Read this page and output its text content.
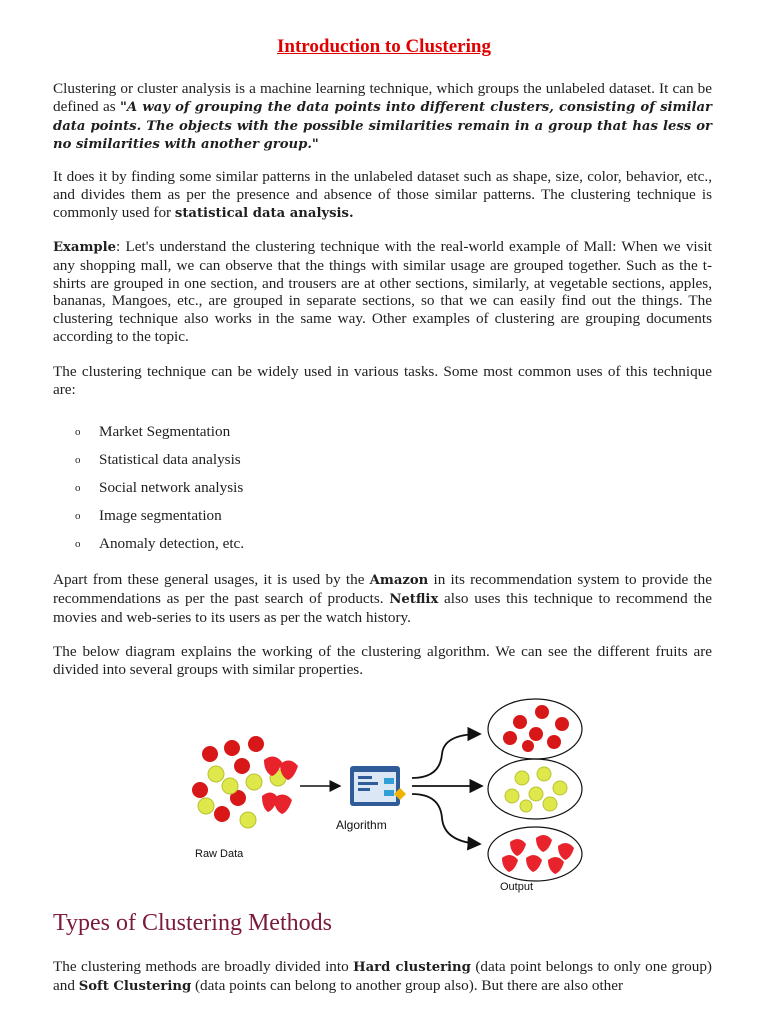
Introduction to Clustering

Clustering or cluster analysis is a machine learning technique, which groups the unlabeled dataset. It can be defined as "A way of grouping the data points into different clusters, consisting of similar data points. The objects with the possible similarities remain in a group that has less or no similarities with another group."

It does it by finding some similar patterns in the unlabeled dataset such as shape, size, color, behavior, etc., and divides them as per the presence and absence of those similar patterns. The clustering technique is commonly used for statistical data analysis.

Example: Let's understand the clustering technique with the real-world example of Mall: When we visit any shopping mall, we can observe that the things with similar usage are grouped together. Such as the t-shirts are grouped in one section, and trousers are at other sections, similarly, at vegetable sections, apples, bananas, Mangoes, etc., are grouped in separate sections, so that we can easily find out the things. The clustering technique also works in the same way. Other examples of clustering are grouping documents according to the topic.

The clustering technique can be widely used in various tasks. Some most common uses of this technique are:

o	Market Segmentation
o	Statistical data analysis
o	Social network analysis
o	Image segmentation
o	Anomaly detection, etc.

Apart from these general usages, it is used by the Amazon in its recommendation system to provide the recommendations as per the past search of products. Netflix also uses this technique to recommend the movies and web-series to its users as per the watch history.

The below diagram explains the working of the clustering algorithm. We can see the different fruits are divided into several groups with similar properties.

Raw Data
Algorithm
Output
Types of Clustering Methods

The clustering methods are broadly divided into Hard clustering (data point belongs to only one group) and Soft Clustering (data points can belong to another group also). But there are also other
